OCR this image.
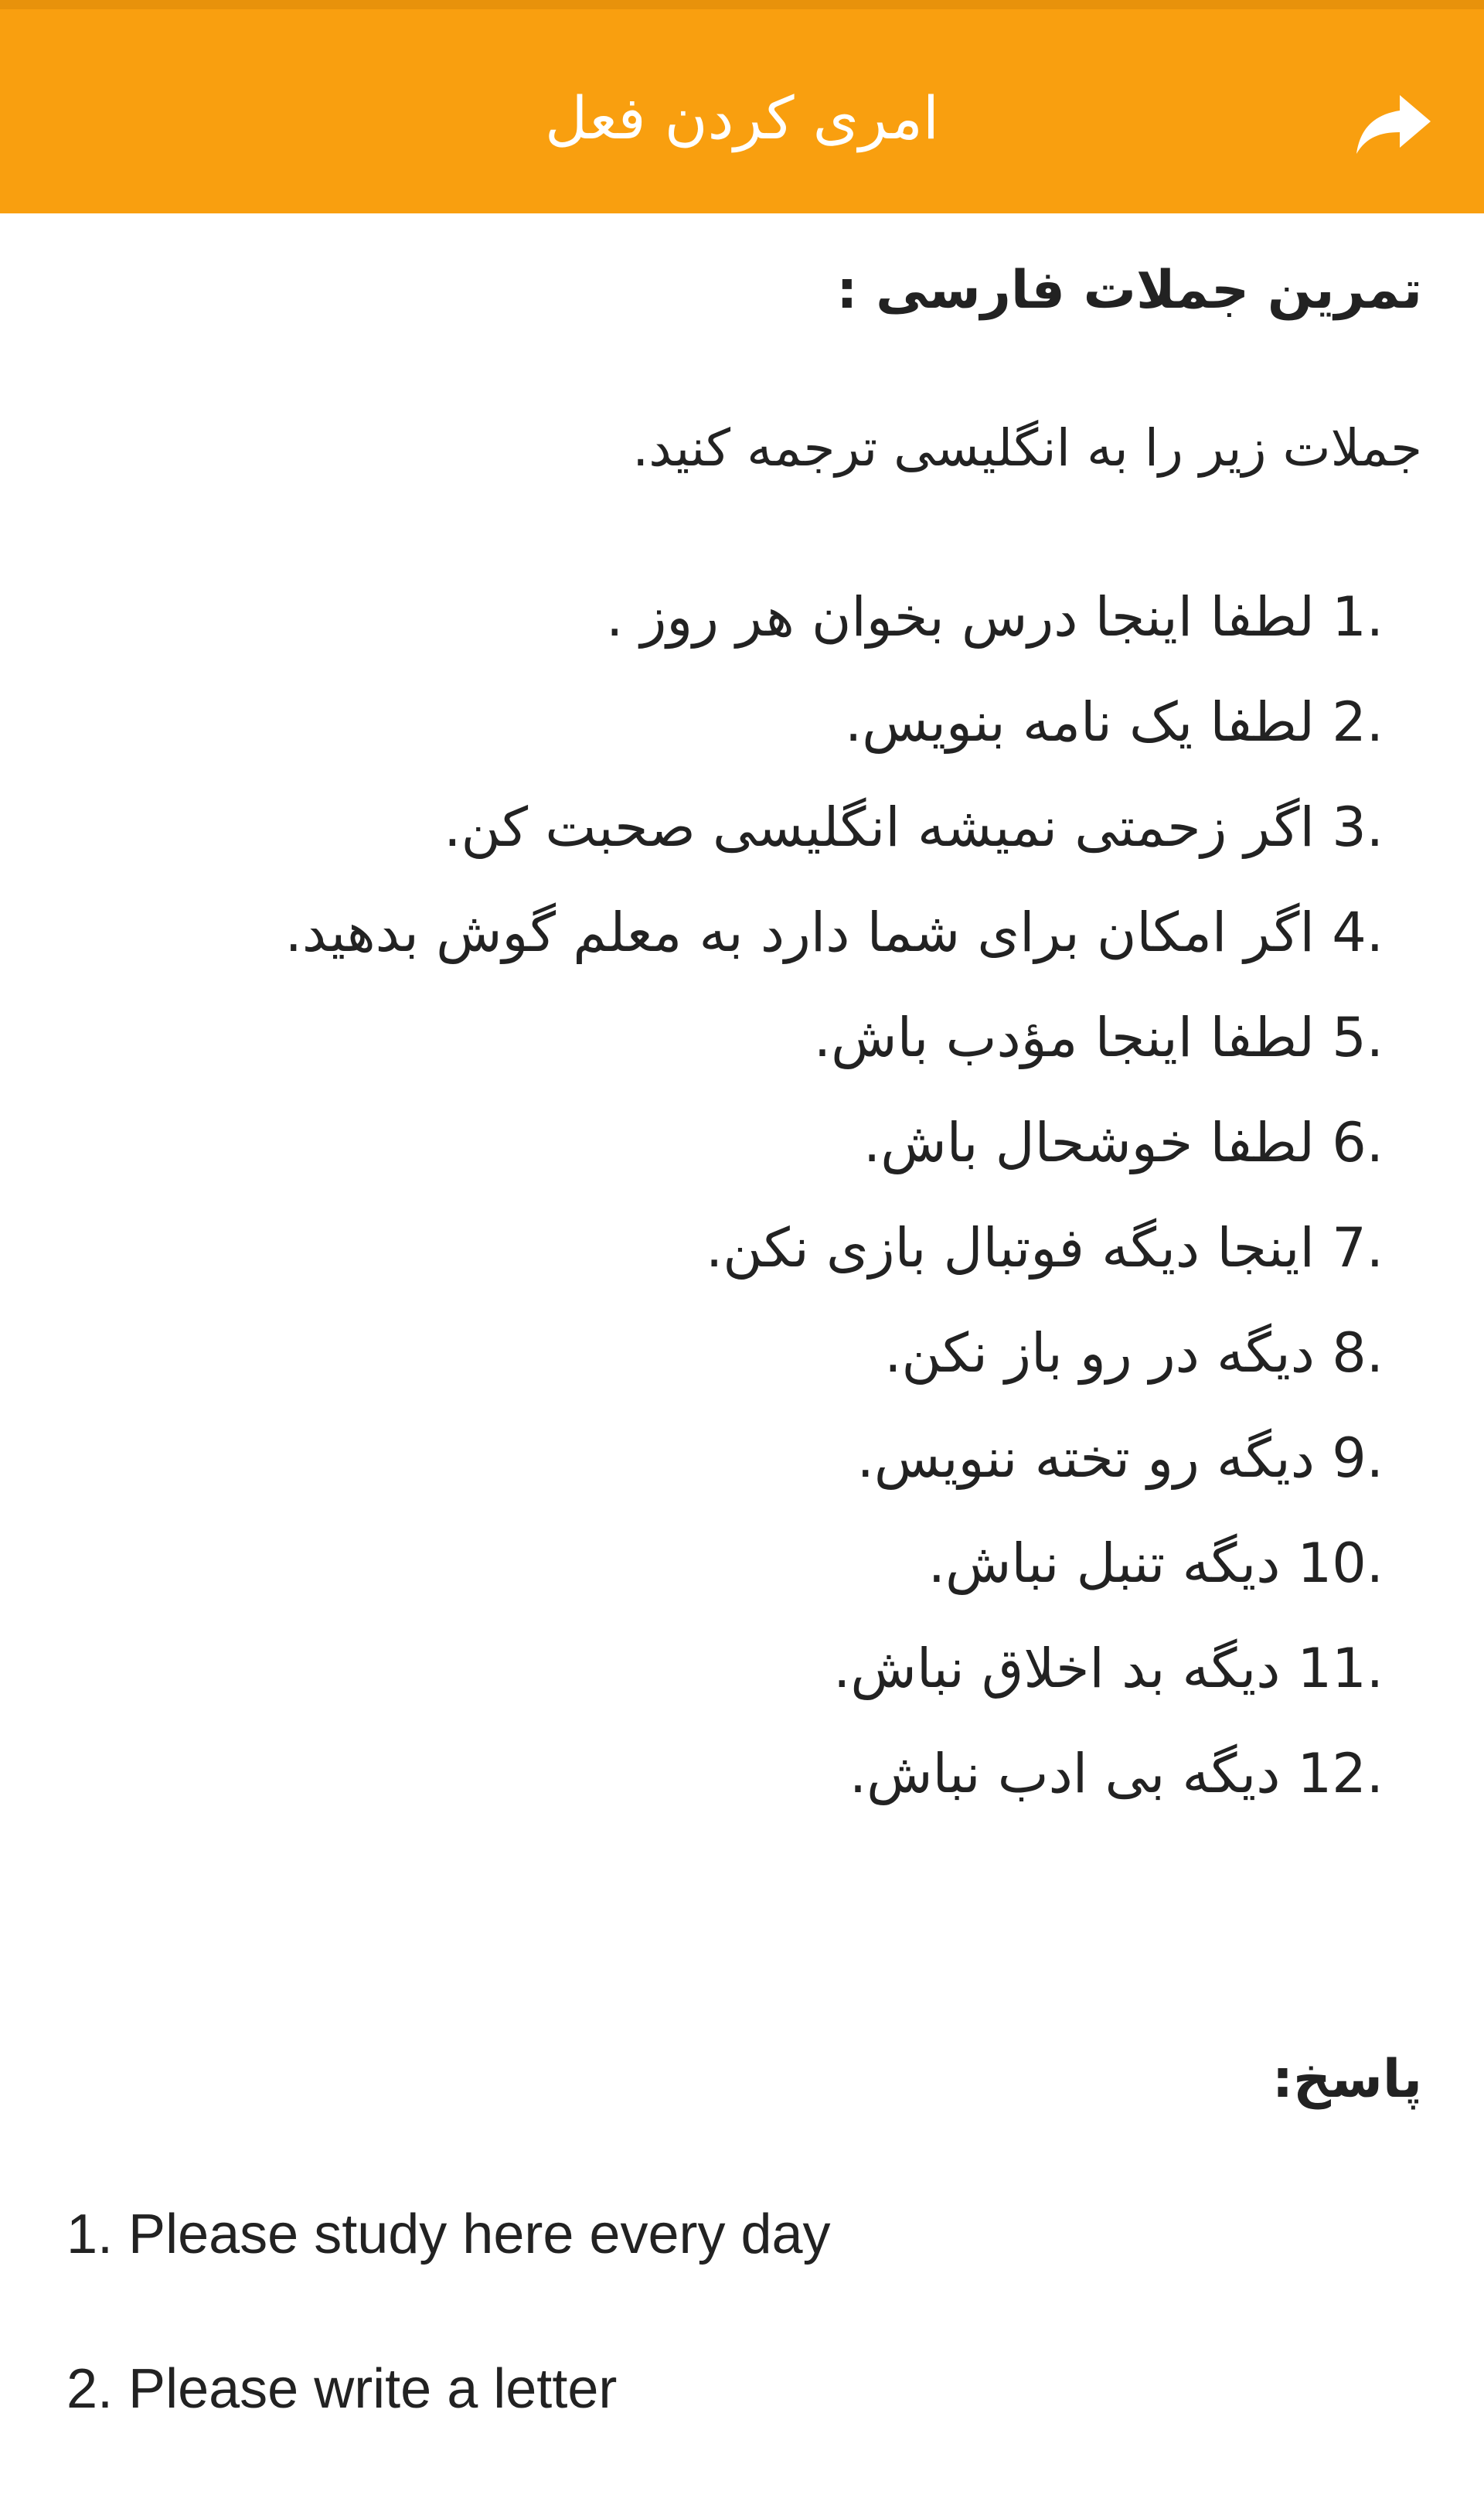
امری کردن فعل
تمرین جملات فارسی :
جملات زیر را به انگلیسی ترجمه کنید.
1. لطفا اینجا درس بخوان هر روز .
2. لطفا یک نامه بنویس.
3. اگر زحمتی نمیشه انگلیسی صحبت کن.
4. اگر امکان برای شما دارد به معلم گوش بدهید.
5. لطفا اینجا مؤدب باش.
6. لطفا خوشحال باش.
7. اینجا دیگه فوتبال بازی نکن.
8. دیگه در رو باز نکن.
9. دیگه رو تخته ننویس.
10. دیگه تنبل نباش.
11. دیگه بد اخلاق نباش.
12. دیگه بی ادب نباش.
پاسخ:
1. Please study here every day
2. Please write a letter
